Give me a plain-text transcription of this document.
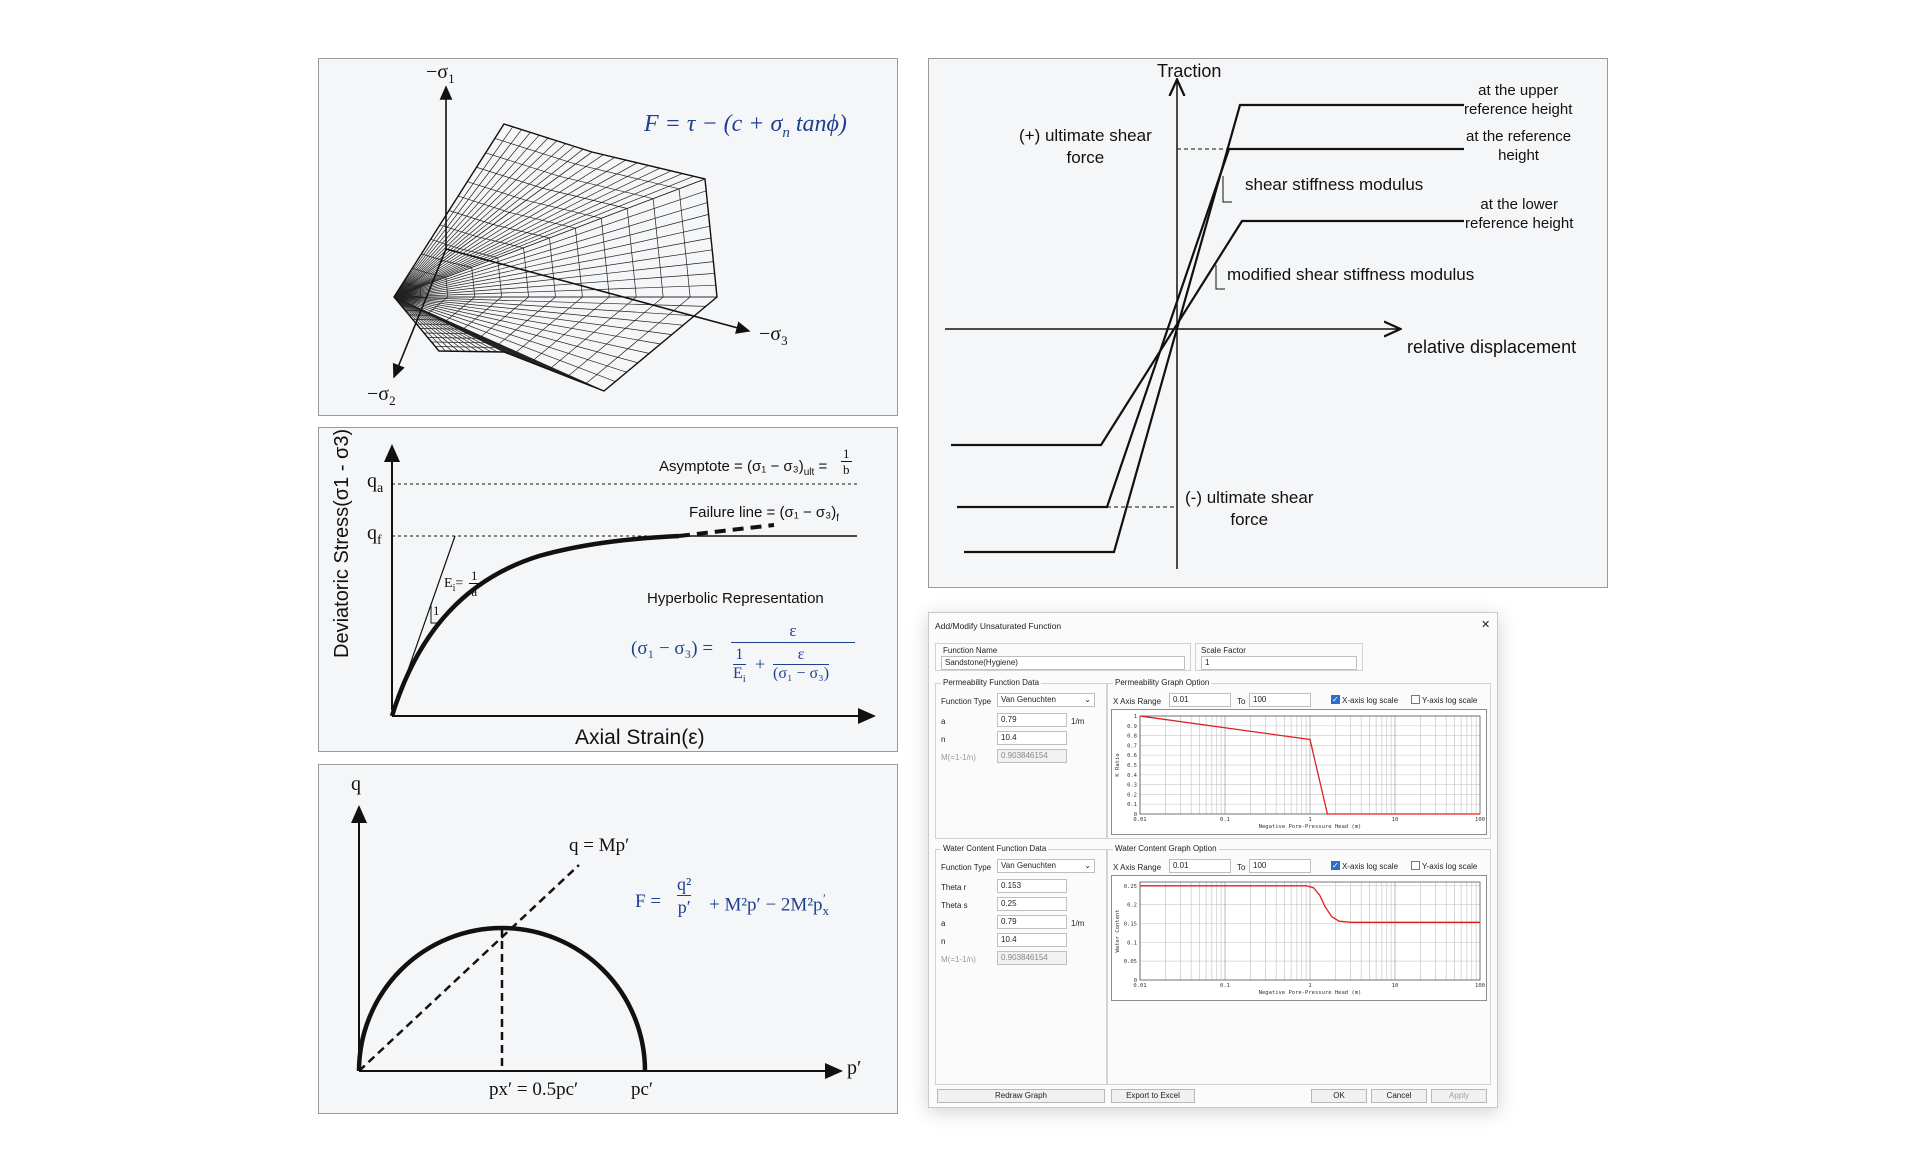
$-\sigma_1$
$-\sigma_2$
$-\sigma_3$
$F = \tau - (c + \sigma_n$ tanϕ)
Deviatoric Stress(σ1 - σ3)
Axial Strain(ε)
$q_a$
$q_f$
Asymptote = $(\sigma_1 - \sigma_3)_{ult}$ =
1
b
Failure line = $(\sigma_1 - \sigma_3)_f$
$E_i=$
1
a
1
Hyperbolic Representation
(σ₁ − σ₃) =
ε
1
$E_i$
+	ε
(σ₁ − σ₃)
q
p′
q = Mp′
F =
q²
$p' + M^2p' - 2M^2p_x'$
px′ = 0.5pc′	pc′
Traction
relative displacement
(+) ultimate shear
force
(-) ultimate shear
force
at the upper
reference height
at the reference
height
at the lower
reference height
shear stiffness modulus
modified shear stiffness modulus
Add/Modify Unsaturated Function	✕
Function Name
Sandstone(Hygiene)
Scale Factor
1
Permeability Function Data
Function Type	Van Genuchten	⌄
a	0.79	1/m
n	10.4
M(=1-1/n)	0.903846154
Permeability Graph Option
X Axis Range	0.01	To 100 ✓	X-axis log scale	Y-axis log scale
1
0.9
0.8
0.7
0.6
0.5
0.4
0.3
0.2
0.1
0
0.01	0.1	1	10	100
Negative Pore-Pressure Head (m)
K Ratio
Water Content Function Data
Function Type	Van Genuchten	⌄
Theta r	0.153
Theta s	0.25
a	0.79	1/m
n	10.4
M(=1-1/n)	0.903846154
Water Content Graph Option
X Axis Range	0.01	To 100 ✓	X-axis log scale	Y-axis log scale
0.25
0.2
0.15
0.1
0.05
0
0.01	0.1	1	10	100
Negative Pore-Pressure Head (m)
Water Content
Redraw Graph	Export to Excel	OK	Cancel	Apply
